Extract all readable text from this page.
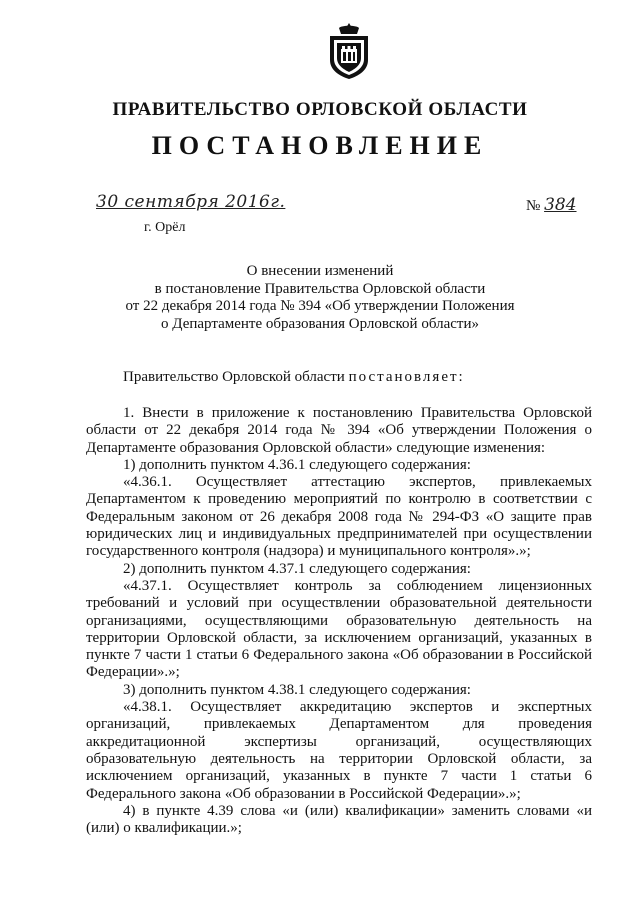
ПРАВИТЕЛЬСТВО ОРЛОВСКОЙ ОБЛАСТИ
ПОСТАНОВЛЕНИЕ
30 сентября 2016г.
г. Орёл
№ 384
О внесении изменений
в постановление Правительства Орловской области
от 22 декабря 2014 года № 394 «Об утверждении Положения
о Департаменте образования Орловской области»

Правительство Орловской области постановляет:

1. Внести в приложение к постановлению Правительства Орловской области от 22 декабря 2014 года № 394 «Об утверждении Положения о Департаменте образования Орловской области» следующие изменения:

1) дополнить пунктом 4.36.1 следующего содержания:

«4.36.1. Осуществляет аттестацию экспертов, привлекаемых Департаментом к проведению мероприятий по контролю в соответствии с Федеральным законом от 26 декабря 2008 года № 294-ФЗ «О защите прав юридических лиц и индивидуальных предпринимателей при осуществлении государственного контроля (надзора) и муниципального контроля».»;

2) дополнить пунктом 4.37.1 следующего содержания:

«4.37.1. Осуществляет контроль за соблюдением лицензионных требований и условий при осуществлении образовательной деятельности организациями, осуществляющими образовательную деятельность на территории Орловской области, за исключением организаций, указанных в пункте 7 части 1 статьи 6 Федерального закона «Об образовании в Российской Федерации».»;

3) дополнить пунктом 4.38.1 следующего содержания:

«4.38.1. Осуществляет аккредитацию экспертов и экспертных организаций, привлекаемых Департаментом для проведения аккредитационной экспертизы организаций, осуществляющих образовательную деятельность на территории Орловской области, за исключением организаций, указанных в пункте 7 части 1 статьи 6 Федерального закона «Об образовании в Российской Федерации».»;

4) в пункте 4.39 слова «и (или) квалификации» заменить словами «и (или) о квалификации.»;
